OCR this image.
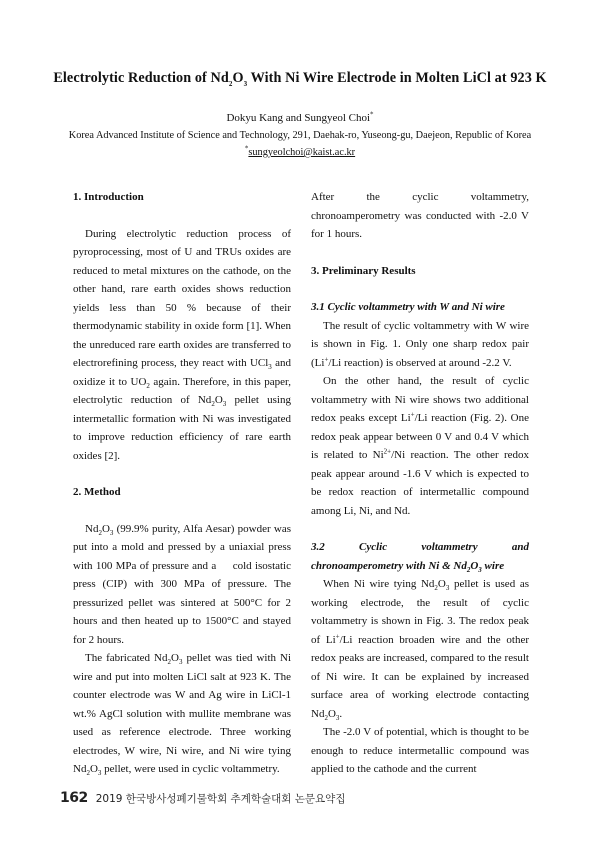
Electrolytic Reduction of $Nd_2O_3$ With Ni Wire Electrode in Molten LiCl at 923 K
Dokyu Kang and Sungyeol Choi*
Korea Advanced Institute of Science and Technology, 291, Daehak-ro, Yuseong-gu, Daejeon, Republic of Korea
*sungyeolchoi@kaist.ac.kr

1. Introduction

During electrolytic reduction process of pyroprocessing, most of U and TRUs oxides are reduced to metal mixtures on the cathode, on the other hand, rare earth oxides shows reduction yields less than 50 % because of their thermodynamic stability in oxide form [1]. When the unreduced rare earth oxides are transferred to electrorefining process, they react with UCl$_3$ and oxidize it to $UO_2$ again. Therefore, in this paper, electrolytic reduction of $Nd_2O_3$ pellet using intermetallic formation with Ni was investigated to improve reduction efficiency of rare earth oxides [2].

2. Method

$Nd_2O_3$ (99.9% purity, Alfa Aesar) powder was put into a mold and pressed by a uniaxial press with 100 MPa of pressure and a     cold isostatic press (CIP) with 300 MPa of pressure. The pressurized pellet was sintered at 500°C for 2 hours and then heated up to 1500°C and stayed for 2 hours.

The fabricated $Nd_2O_3$ pellet was tied with Ni wire and put into molten LiCl salt at 923 K. The counter electrode was W and Ag wire in LiCl-1 wt.% AgCl solution with mullite membrane was used as reference electrode. Three working electrodes, W wire, Ni wire, and Ni wire tying $Nd_2O_3$ pellet, were used in cyclic voltammetry.

After the cyclic voltammetry, chronoamperometry was conducted with -2.0 V for 1 hours.

3. Preliminary Results

3.1 Cyclic voltammetry with W and Ni wire

The result of cyclic voltammetry with W wire is shown in Fig. 1. Only one sharp redox pair (Li+/Li reaction) is observed at around -2.2 V.

On the other hand, the result of cyclic voltammetry with Ni wire shows two additional redox peaks except Li+/Li reaction (Fig. 2). One redox peak appear between 0 V and 0.4 V which is related to $Ni^{2+}/Ni$ reaction. The other redox peak appear around -1.6 V which is expected to be redox reaction of intermetallic compound among Li, Ni, and Nd.

3.2 Cyclic voltammetry and chronoamperometry with Ni & $Nd_2O_3$ wire

When Ni wire tying $Nd_2O_3$ pellet is used as working electrode, the result of cyclic voltammetry is shown in Fig. 3. The redox peak of Li+/Li reaction broaden wire and the other redox peaks are increased, compared to the result of Ni wire. It can be explained by increased surface area of working electrode contacting $Nd_2O_3$.

The -2.0 V of potential, which is thought to be enough to reduce intermetallic compound was applied to the cathode and the current

162 2019 한국방사성폐기물학회 추계학술대회 논문요약집
